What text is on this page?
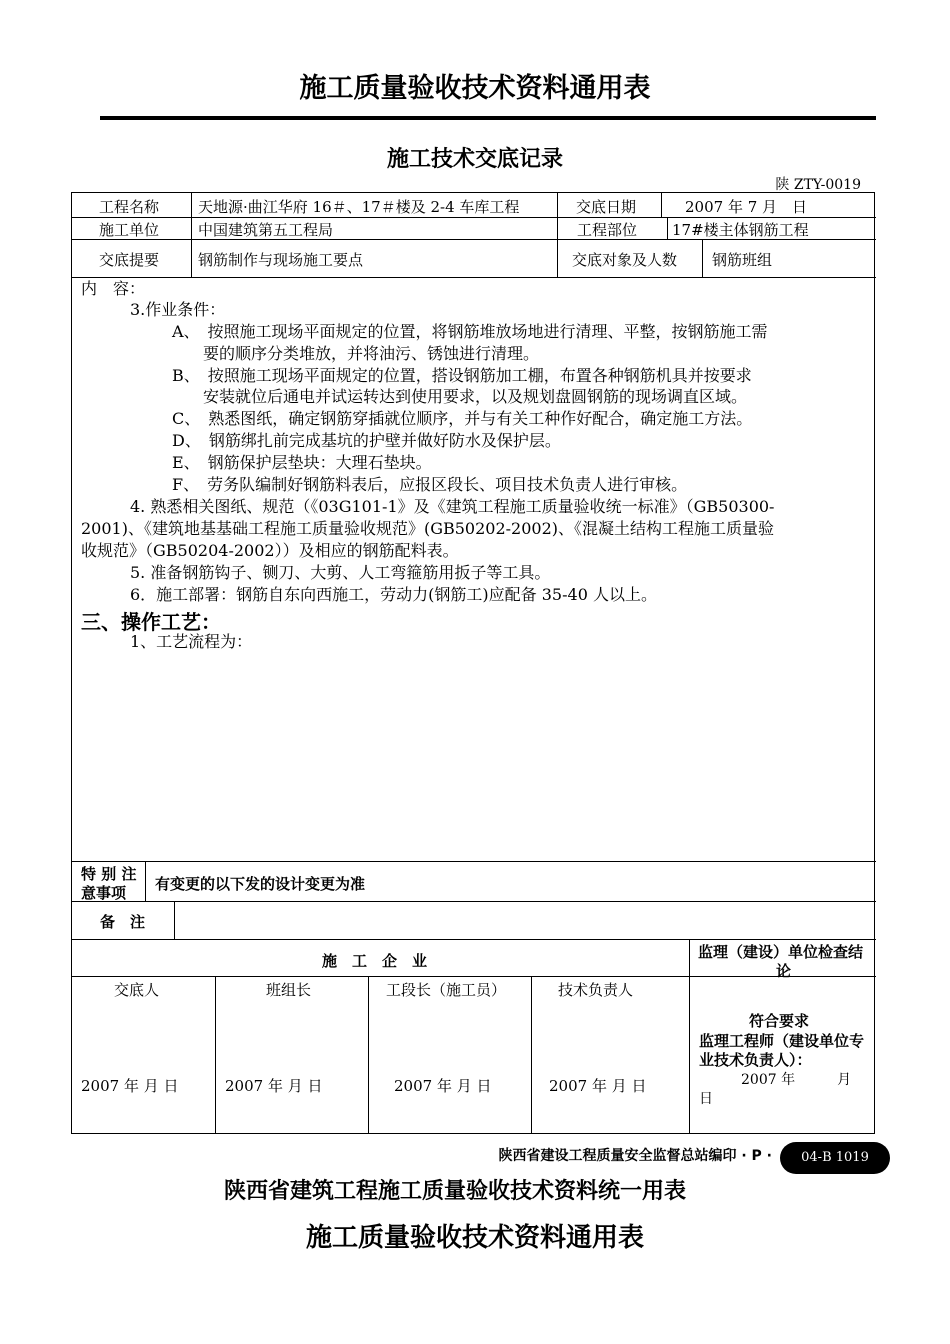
施工质量验收技术资料通用表
施工技术交底记录
陕 ZTY-0019
工程名称	天地源·曲江华府 16＃、17＃楼及 2-4 车库工程	交底日期	2007 年 7 月　日
施工单位	中国建筑第五工程局	工程部位 17#楼主体钢筋工程
交底提要	钢筋制作与现场施工要点	交底对象及人数 钢筋班组
内　容：
3.作业条件：
A、　按照施工现场平面规定的位置，将钢筋堆放场地进行清理、平整，按钢筋施工需
要的顺序分类堆放，并将油污、锈蚀进行清理。
B、　按照施工现场平面规定的位置，搭设钢筋加工棚，布置各种钢筋机具并按要求
安装就位后通电并试运转达到使用要求，以及规划盘圆钢筋的现场调直区域。
C、　熟悉图纸，确定钢筋穿插就位顺序，并与有关工种作好配合，确定施工方法。
D、　钢筋绑扎前完成基坑的护壁并做好防水及保护层。
E、　钢筋保护层垫块：大理石垫块。
F、　劳务队编制好钢筋料表后，应报区段长、项目技术负责人进行审核。
4. 熟悉相关图纸、规范（《03G101-1》及《建筑工程施工质量验收统一标准》（GB50300-
2001)、《建筑地基基础工程施工质量验收规范》(GB50202-2002)、《混凝土结构工程施工质量验
收规范》（GB50204-2002））及相应的钢筋配料表。
5. 准备钢筋钩子、铡刀、大剪、人工弯箍筋用扳子等工具。
6．施工部署：钢筋自东向西施工，劳动力(钢筋工)应配备 35-40 人以上。
三、操作工艺：
1、工艺流程为：
特 别 注
意事项 有变更的以下发的设计变更为准
备　注
施　工　企　业	监理（建设）单位检查结
论
交底人	班组长	工段长（施工员）	技术负责人
2007 年 月 日	2007 年 月 日	2007 年 月 日	2007 年 月 日
符合要求
监理工程师（建设单位专
业技术负责人）：
2007 年　　　月
日
陕西省建设工程质量安全监督总站编印 · P ·	04-B 1019
陕西省建筑工程施工质量验收技术资料统一用表
施工质量验收技术资料通用表
